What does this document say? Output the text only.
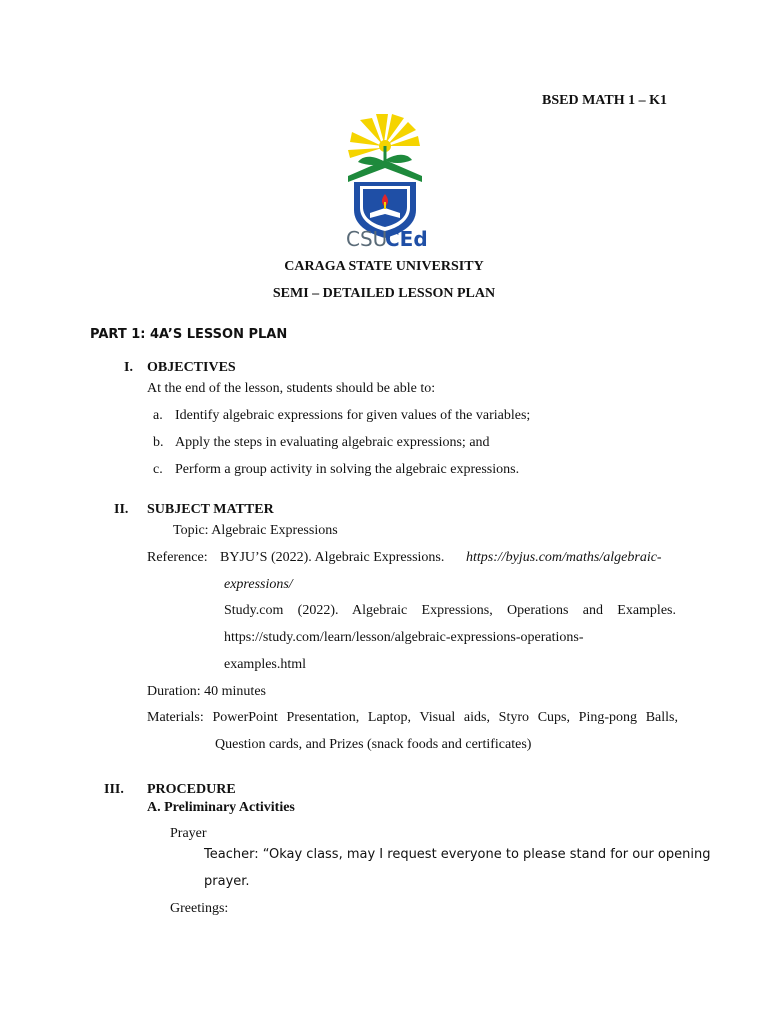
BSED MATH 1 – K1
CSU
CEd
CARAGA STATE UNIVERSITY
SEMI – DETAILED LESSON PLAN
PART 1: 4A’S LESSON PLAN
I. OBJECTIVES
At the end of the lesson, students should be able to:
a. Identify algebraic expressions for given values of the variables;
b. Apply the steps in evaluating algebraic expressions; and
c. Perform a group activity in solving the algebraic expressions.
II. SUBJECT MATTER
Topic: Algebraic Expressions
Reference: BYJU’S (2022). Algebraic Expressions. https://byjus.com/maths/algebraic-
expressions/
Study.com (2022). Algebraic Expressions, Operations and Examples.
https://study.com/learn/lesson/algebraic-expressions-operations-
examples.html
Duration: 40 minutes
Materials: PowerPoint Presentation, Laptop, Visual aids, Styro Cups, Ping-pong Balls,
Question cards, and Prizes (snack foods and certificates)
III. PROCEDURE
A. Preliminary Activities
Prayer
Teacher: “Okay class, may I request everyone to please stand for our opening
prayer.
Greetings:
